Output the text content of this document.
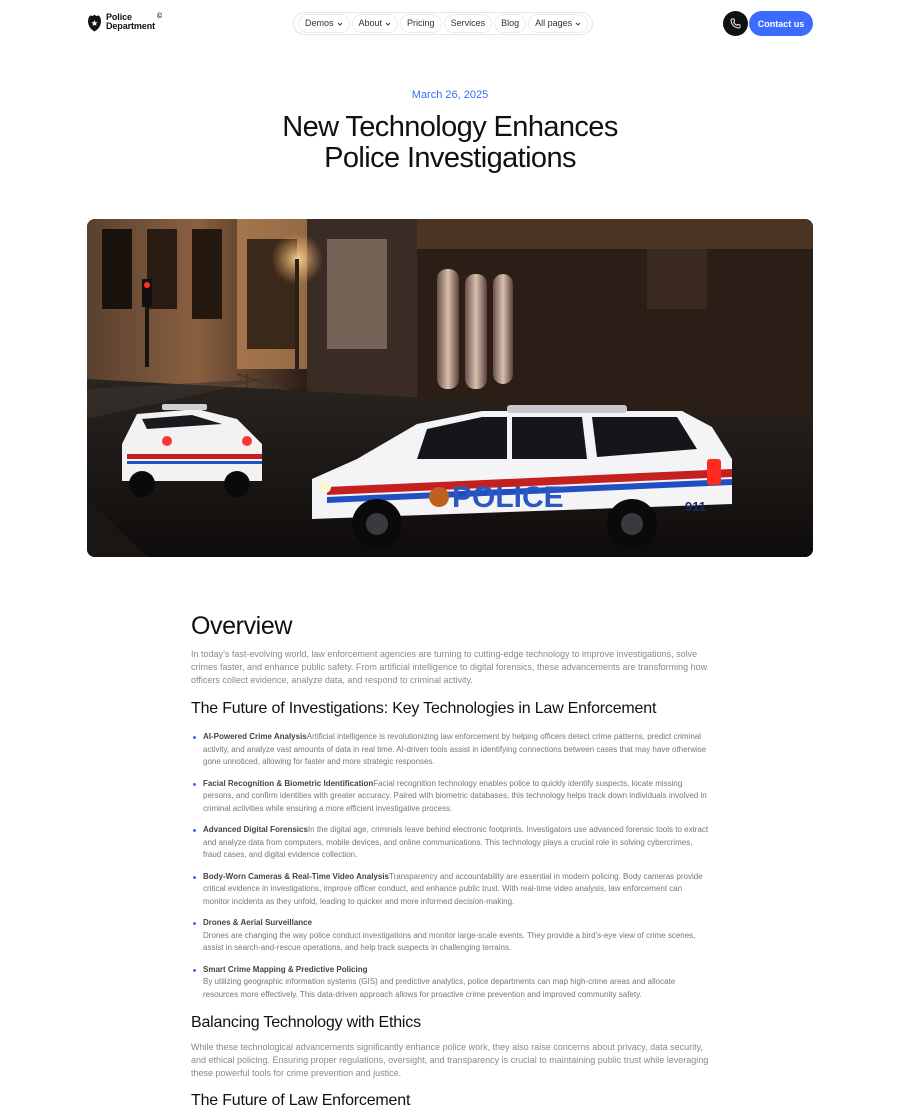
Police
Department
©
Demos	About	Pricing Services Blog All pages	Contact us
March 26, 2025
New Technology Enhances
Police Investigations
POLICE	911
Overview

In today’s fast-evolving world, law enforcement agencies are turning to cutting-edge technology to improve investigations, solve crimes faster, and enhance public safety. From artificial intelligence to digital forensics, these advancements are transforming how officers collect evidence, analyze data, and respond to criminal activity.

The Future of Investigations: Key Technologies in Law Enforcement
AI-Powered Crime AnalysisArtificial intelligence is revolutionizing law enforcement by helping officers detect crime patterns, predict criminal activity, and analyze vast amounts of data in real time. AI-driven tools assist in identifying connections between cases that may have otherwise gone unnoticed, allowing for faster and more strategic responses.
Facial Recognition & Biometric IdentificationFacial recognition technology enables police to quickly identify suspects, locate missing persons, and confirm identities with greater accuracy. Paired with biometric databases, this technology helps track down individuals involved in criminal activities while ensuring a more efficient investigative process.
Advanced Digital ForensicsIn the digital age, criminals leave behind electronic footprints. Investigators use advanced forensic tools to extract and analyze data from computers, mobile devices, and online communications. This technology plays a crucial role in solving cybercrimes, fraud cases, and digital evidence collection.
Body-Worn Cameras & Real-Time Video AnalysisTransparency and accountability are essential in modern policing. Body cameras provide critical evidence in investigations, improve officer conduct, and enhance public trust. With real-time video analysis, law enforcement can monitor incidents as they unfold, leading to quicker and more informed decision-making.
Drones & Aerial Surveillance
Drones are changing the way police conduct investigations and monitor large-scale events. They provide a bird’s-eye view of crime scenes, assist in search-and-rescue operations, and help track suspects in challenging terrains.
Smart Crime Mapping & Predictive Policing
By utilizing geographic information systems (GIS) and predictive analytics, police departments can map high-crime areas and allocate resources more effectively. This data-driven approach allows for proactive crime prevention and improved community safety.
Balancing Technology with Ethics

While these technological advancements significantly enhance police work, they also raise concerns about privacy, data security, and ethical policing. Ensuring proper regulations, oversight, and transparency is crucial to maintaining public trust while leveraging these powerful tools for crime prevention and justice.

The Future of Law Enforcement
